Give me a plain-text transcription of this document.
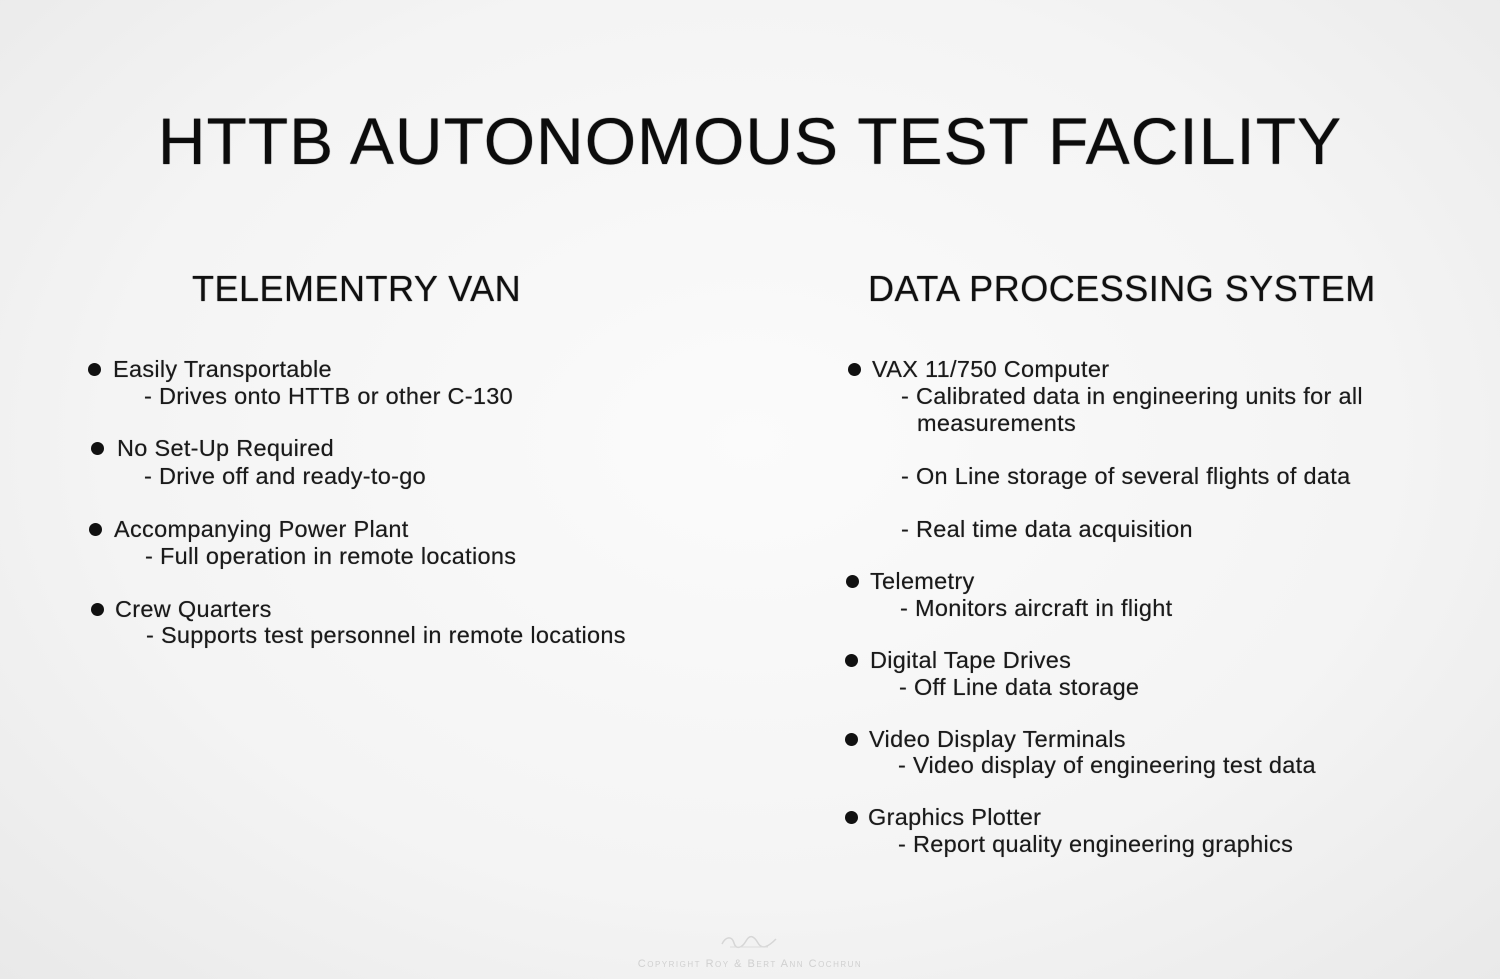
HTTB AUTONOMOUS TEST FACILITY
TELEMENTRY VAN
Easily Transportable
- Drives onto HTTB or other C-130
No Set-Up Required
- Drive off and ready-to-go
Accompanying Power Plant
- Full operation in remote locations
Crew Quarters
- Supports test personnel in remote locations
DATA PROCESSING SYSTEM
VAX 11/750 Computer
- Calibrated data in engineering units for all
measurements
- On Line storage of several flights of data
- Real time data acquisition
Telemetry
- Monitors aircraft in flight
Digital Tape Drives
- Off Line data storage
Video Display Terminals
- Video display of engineering test data
Graphics Plotter
- Report quality engineering graphics
Copyright Roy & Bert Ann Cochrun
